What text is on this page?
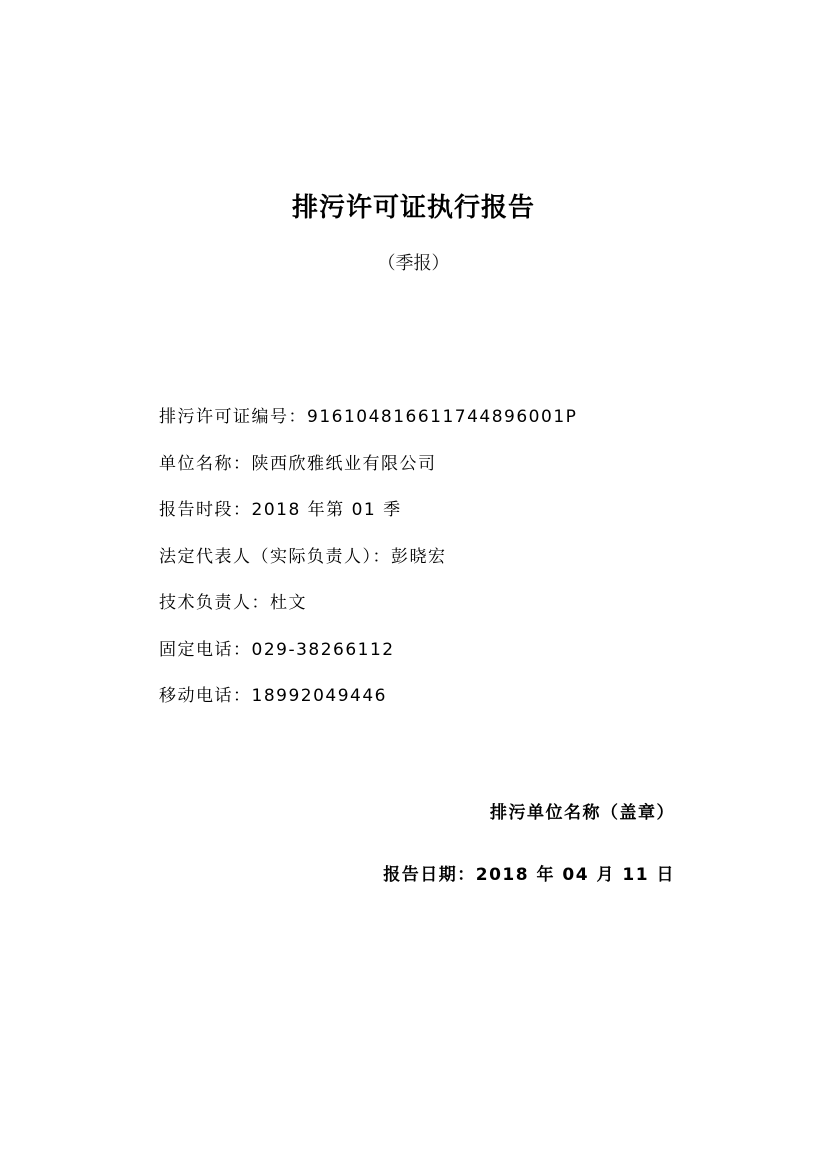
排污许可证执行报告
（季报）
排污许可证编号：916104816611744896001P
单位名称：陕西欣雅纸业有限公司
报告时段：2018 年第 01 季
法定代表人（实际负责人）：彭晓宏
技术负责人：杜文
固定电话：029-38266112
移动电话：18992049446
排污单位名称（盖章）
报告日期：2018 年 04 月 11 日
